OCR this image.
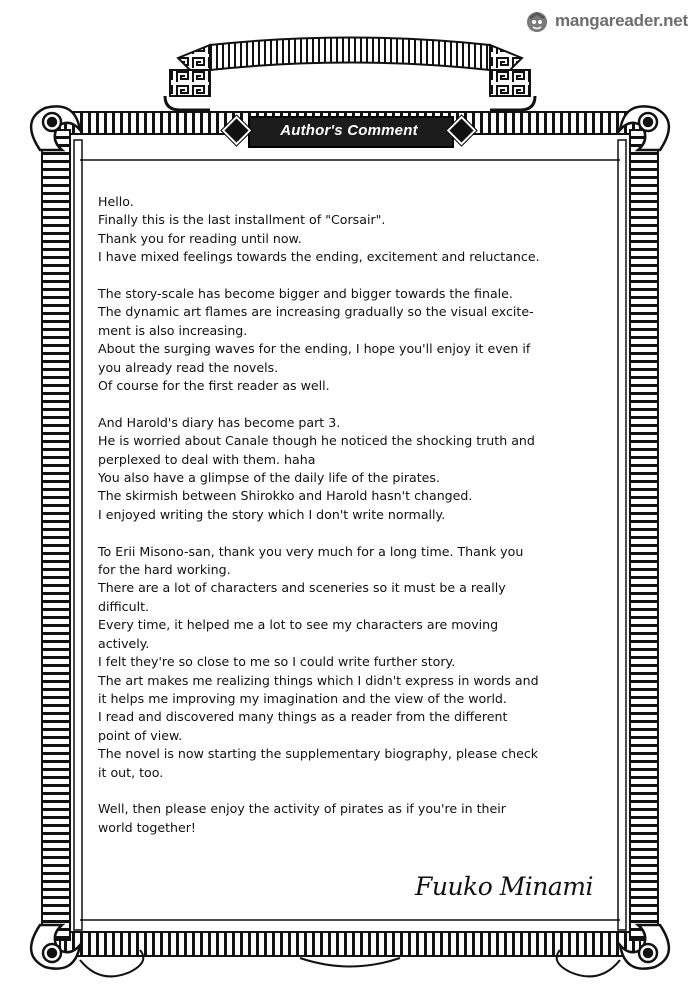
mangareader.net
Author's Comment

Hello.
Finally this is the last installment of "Corsair".
Thank you for reading until now.
I have mixed feelings towards the ending, excitement and reluctance.

The story-scale has become bigger and bigger towards the finale.
The dynamic art flames are increasing gradually so the visual excite-
ment is also increasing.
About the surging waves for the ending, I hope you'll enjoy it even if
you already read the novels.
Of course for the first reader as well.

And Harold's diary has become part 3.
He is worried about Canale though he noticed the shocking truth and
perplexed to deal with them. haha
You also have a glimpse of the daily life of the pirates.
The skirmish between Shirokko and Harold hasn't changed.
I enjoyed writing the story which I don't write normally.

To Erii Misono-san, thank you very much for a long time. Thank you
for the hard working.
There are a lot of characters and sceneries so it must be a really
difficult.
Every time, it helped me a lot to see my characters are moving
actively.
I felt they're so close to me so I could write further story.
The art makes me realizing things which I didn't express in words and
it helps me improving my imagination and the view of the world.
I read and discovered many things as a reader from the different
point of view.
The novel is now starting the supplementary biography, please check
it out, too.

Well, then please enjoy the activity of pirates as if you're in their
world together!

Fuuko Minami
